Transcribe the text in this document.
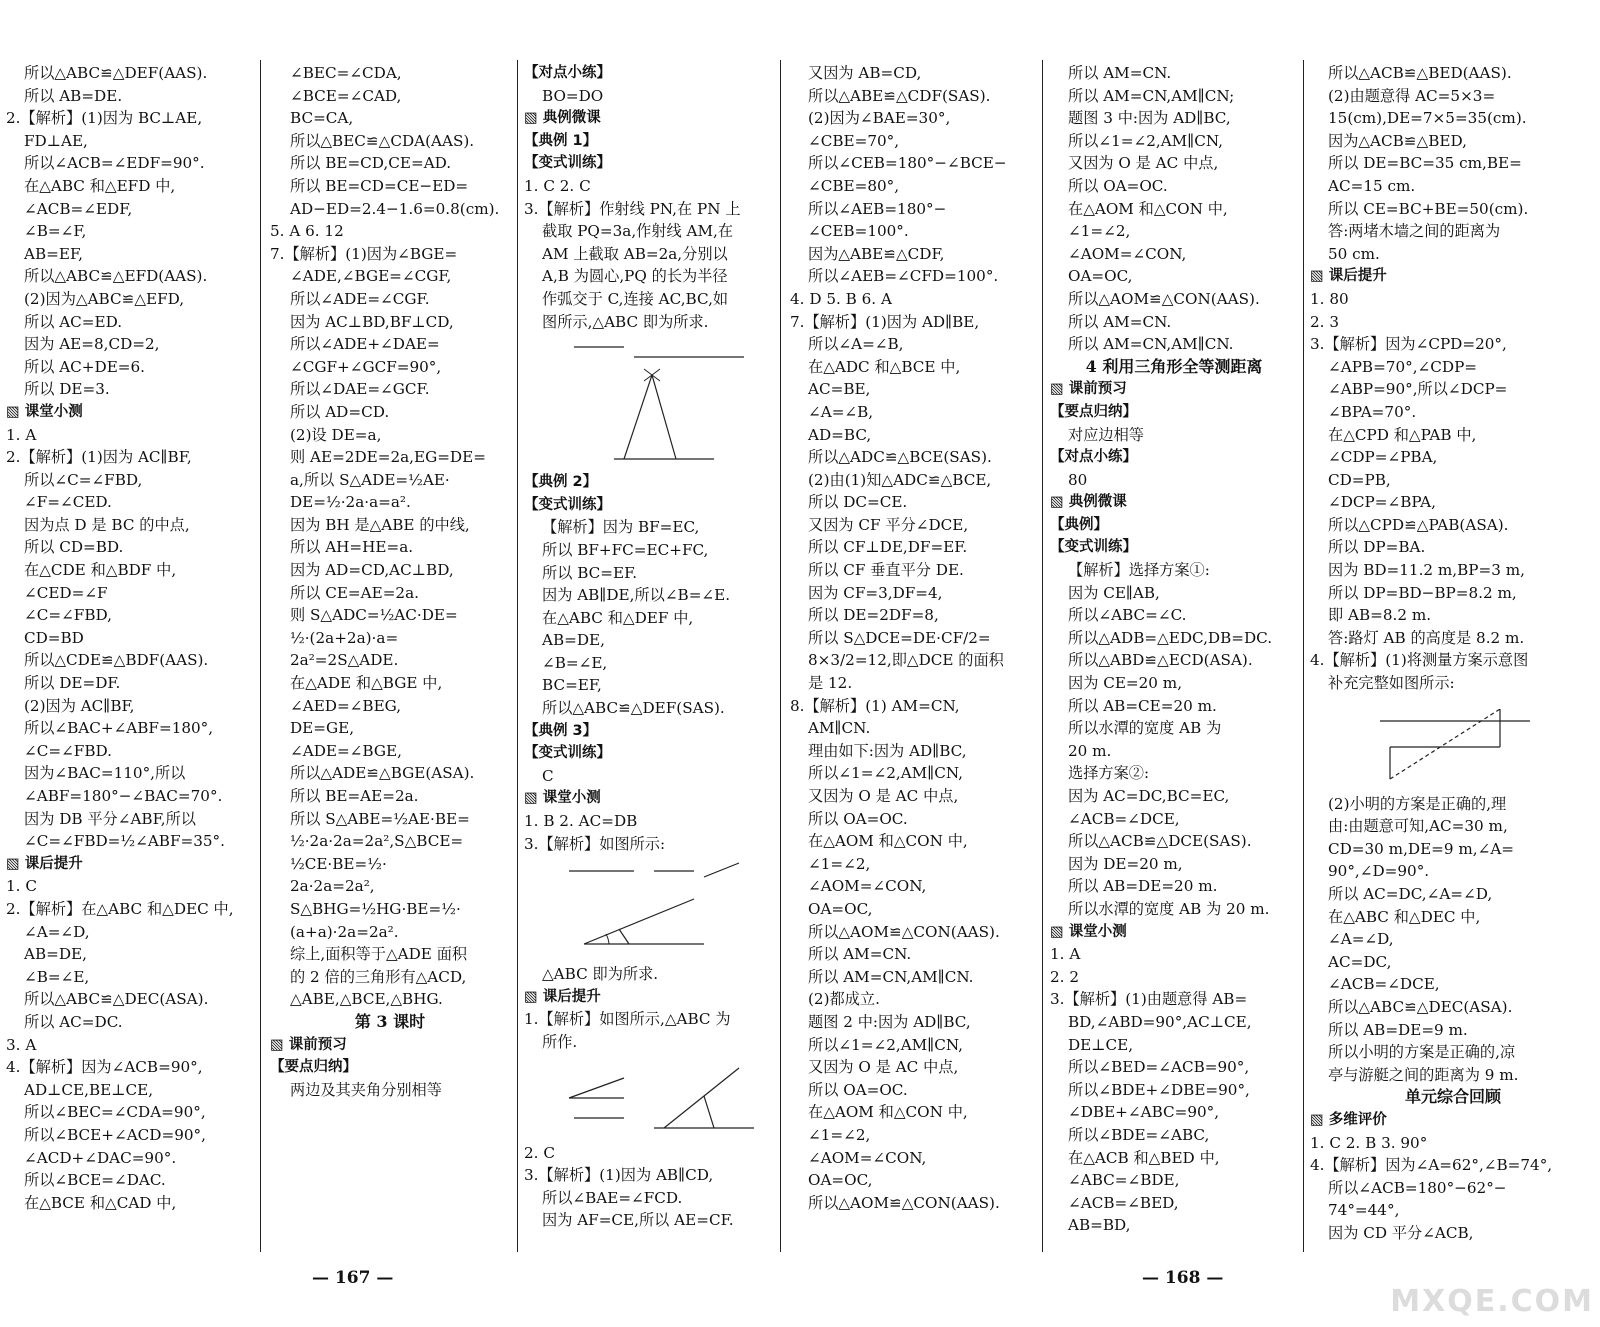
所以△ABC≌△DEF(AAS).
所以 AB=DE.
2.【解析】(1)因为 BC⊥AE,
FD⊥AE,
所以∠ACB=∠EDF=90°.
在△ABC 和△EFD 中,
∠ACB=∠EDF,
∠B=∠F,
AB=EF,
所以△ABC≌△EFD(AAS).
(2)因为△ABC≌△EFD,
所以 AC=ED.
因为 AE=8,CD=2,
所以 AC+DE=6.
所以 DE=3.
▧ 课堂小测
1. A
2.【解析】(1)因为 AC∥BF,
所以∠C=∠FBD,
∠F=∠CED.
因为点 D 是 BC 的中点,
所以 CD=BD.
在△CDE 和△BDF 中,
∠CED=∠F
∠C=∠FBD,
CD=BD
所以△CDE≌△BDF(AAS).
所以 DE=DF.
(2)因为 AC∥BF,
所以∠BAC+∠ABF=180°,
∠C=∠FBD.
因为∠BAC=110°,所以
∠ABF=180°−∠BAC=70°.
因为 DB 平分∠ABF,所以
∠C=∠FBD=½∠ABF=35°.
▧ 课后提升
1. C
2.【解析】在△ABC 和△DEC 中,
∠A=∠D,
AB=DE,
∠B=∠E,
所以△ABC≌△DEC(ASA).
所以 AC=DC.
3. A
4.【解析】因为∠ACB=90°,
AD⊥CE,BE⊥CE,
所以∠BEC=∠CDA=90°,
所以∠BCE+∠ACD=90°,
∠ACD+∠DAC=90°.
所以∠BCE=∠DAC.
在△BCE 和△CAD 中,
∠BEC=∠CDA,
∠BCE=∠CAD,
BC=CA,
所以△BEC≌△CDA(AAS).
所以 BE=CD,CE=AD.
所以 BE=CD=CE−ED=
AD−ED=2.4−1.6=0.8(cm).
5. A 6. 12
7.【解析】(1)因为∠BGE=
∠ADE,∠BGE=∠CGF,
所以∠ADE=∠CGF.
因为 AC⊥BD,BF⊥CD,
所以∠ADE+∠DAE=
∠CGF+∠GCF=90°,
所以∠DAE=∠GCF.
所以 AD=CD.
(2)设 DE=a,
则 AE=2DE=2a,EG=DE=
a,所以 S△ADE=½AE·
DE=½·2a·a=a².
因为 BH 是△ABE 的中线,
所以 AH=HE=a.
因为 AD=CD,AC⊥BD,
所以 CE=AE=2a.
则 S△ADC=½AC·DE=
½·(2a+2a)·a=
2a²=2S△ADE.
在△ADE 和△BGE 中,
∠AED=∠BEG,
DE=GE,
∠ADE=∠BGE,
所以△ADE≌△BGE(ASA).
所以 BE=AE=2a.
所以 S△ABE=½AE·BE=
½·2a·2a=2a²,S△BCE=
½CE·BE=½·
2a·2a=2a²,
S△BHG=½HG·BE=½·
(a+a)·2a=2a².
综上,面积等于△ADE 面积
的 2 倍的三角形有△ACD,
△ABE,△BCE,△BHG.
第 3 课时
▧ 课前预习
【要点归纳】
两边及其夹角分别相等
【对点小练】
BO=DO
▧ 典例微课
【典例 1】
【变式训练】
1. C 2. C
3.【解析】作射线 PN,在 PN 上
截取 PQ=3a,作射线 AM,在
AM 上截取 AB=2a,分别以
A,B 为圆心,PQ 的长为半径
作弧交于 C,连接 AC,BC,如
图所示,△ABC 即为所求.
【典例 2】
【变式训练】
【解析】因为 BF=EC,
所以 BF+FC=EC+FC,
所以 BC=EF.
因为 AB∥DE,所以∠B=∠E.
在△ABC 和△DEF 中,
AB=DE,
∠B=∠E,
BC=EF,
所以△ABC≌△DEF(SAS).
【典例 3】
【变式训练】
C
▧ 课堂小测
1. B 2. AC=DB
3.【解析】如图所示:
△ABC 即为所求.
▧ 课后提升
1.【解析】如图所示,△ABC 为
所作.
2. C
3.【解析】(1)因为 AB∥CD,
所以∠BAE=∠FCD.
因为 AF=CE,所以 AE=CF.
又因为 AB=CD,
所以△ABE≌△CDF(SAS).
(2)因为∠BAE=30°,
∠CBE=70°,
所以∠CEB=180°−∠BCE−
∠CBE=80°,
所以∠AEB=180°−
∠CEB=100°.
因为△ABE≌△CDF,
所以∠AEB=∠CFD=100°.
4. D 5. B 6. A
7.【解析】(1)因为 AD∥BE,
所以∠A=∠B,
在△ADC 和△BCE 中,
AC=BE,
∠A=∠B,
AD=BC,
所以△ADC≌△BCE(SAS).
(2)由(1)知△ADC≌△BCE,
所以 DC=CE.
又因为 CF 平分∠DCE,
所以 CF⊥DE,DF=EF.
所以 CF 垂直平分 DE.
因为 CF=3,DF=4,
所以 DE=2DF=8,
所以 S△DCE=DE·CF/2=
8×3/2=12,即△DCE 的面积
是 12.
8.【解析】(1) AM=CN,
AM∥CN.
理由如下:因为 AD∥BC,
所以∠1=∠2,AM∥CN,
又因为 O 是 AC 中点,
所以 OA=OC.
在△AOM 和△CON 中,
∠1=∠2,
∠AOM=∠CON,
OA=OC,
所以△AOM≌△CON(AAS).
所以 AM=CN.
所以 AM=CN,AM∥CN.
(2)都成立.
题图 2 中:因为 AD∥BC,
所以∠1=∠2,AM∥CN,
又因为 O 是 AC 中点,
所以 OA=OC.
在△AOM 和△CON 中,
∠1=∠2,
∠AOM=∠CON,
OA=OC,
所以△AOM≌△CON(AAS).
所以 AM=CN.
所以 AM=CN,AM∥CN;
题图 3 中:因为 AD∥BC,
所以∠1=∠2,AM∥CN,
又因为 O 是 AC 中点,
所以 OA=OC.
在△AOM 和△CON 中,
∠1=∠2,
∠AOM=∠CON,
OA=OC,
所以△AOM≌△CON(AAS).
所以 AM=CN.
所以 AM=CN,AM∥CN.
4 利用三角形全等测距离
▧ 课前预习
【要点归纳】
对应边相等
【对点小练】
80
▧ 典例微课
【典例】
【变式训练】
【解析】选择方案①:
因为 CE∥AB,
所以∠ABC=∠C.
所以△ADB=△EDC,DB=DC.
所以△ABD≌△ECD(ASA).
因为 CE=20 m,
所以 AB=CE=20 m.
所以水潭的宽度 AB 为
20 m.
选择方案②:
因为 AC=DC,BC=EC,
∠ACB=∠DCE,
所以△ACB≌△DCE(SAS).
因为 DE=20 m,
所以 AB=DE=20 m.
所以水潭的宽度 AB 为 20 m.
▧ 课堂小测
1. A
2. 2
3.【解析】(1)由题意得 AB=
BD,∠ABD=90°,AC⊥CE,
DE⊥CE,
所以∠BED=∠ACB=90°,
所以∠BDE+∠DBE=90°,
∠DBE+∠ABC=90°,
所以∠BDE=∠ABC,
在△ACB 和△BED 中,
∠ABC=∠BDE,
∠ACB=∠BED,
AB=BD,
所以△ACB≌△BED(AAS).
(2)由题意得 AC=5×3=
15(cm),DE=7×5=35(cm).
因为△ACB≌△BED,
所以 DE=BC=35 cm,BE=
AC=15 cm.
所以 CE=BC+BE=50(cm).
答:两堵木墙之间的距离为
50 cm.
▧ 课后提升
1. 80
2. 3
3.【解析】因为∠CPD=20°,
∠APB=70°,∠CDP=
∠ABP=90°,所以∠DCP=
∠BPA=70°.
在△CPD 和△PAB 中,
∠CDP=∠PBA,
CD=PB,
∠DCP=∠BPA,
所以△CPD≌△PAB(ASA).
所以 DP=BA.
因为 BD=11.2 m,BP=3 m,
所以 DP=BD−BP=8.2 m,
即 AB=8.2 m.
答:路灯 AB 的高度是 8.2 m.
4.【解析】(1)将测量方案示意图
补充完整如图所示:
(2)小明的方案是正确的,理
由:由题意可知,AC=30 m,
CD=30 m,DE=9 m,∠A=
90°,∠D=90°.
所以 AC=DC,∠A=∠D,
在△ABC 和△DEC 中,
∠A=∠D,
AC=DC,
∠ACB=∠DCE,
所以△ABC≌△DEC(ASA).
所以 AB=DE=9 m.
所以小明的方案是正确的,凉
亭与游艇之间的距离为 9 m.
单元综合回顾
▧ 多维评价
1. C 2. B 3. 90°
4.【解析】因为∠A=62°,∠B=74°,
所以∠ACB=180°−62°−
74°=44°,
因为 CD 平分∠ACB,
— 167 —	— 168 —
MXQE.COM
